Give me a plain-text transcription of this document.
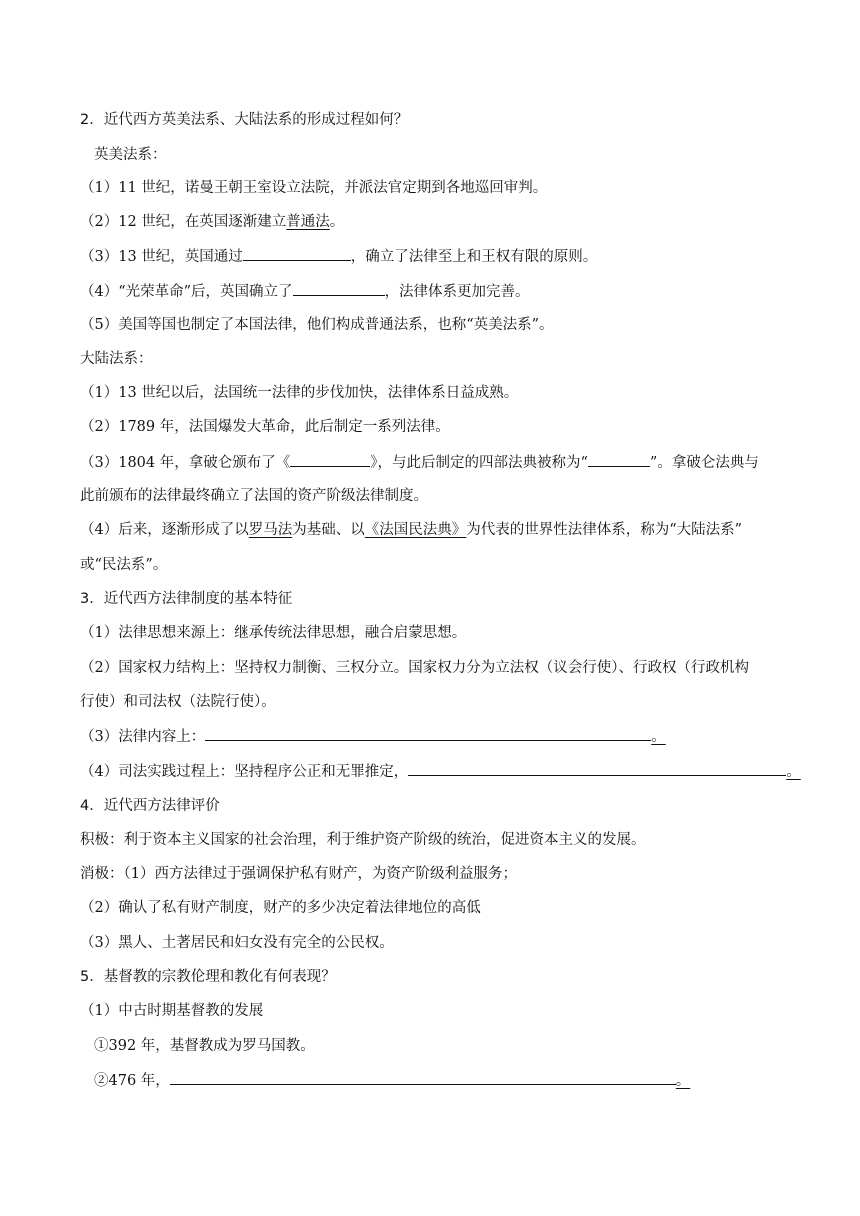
2．近代西方英美法系、大陆法系的形成过程如何？
英美法系：
（1）11 世纪，诺曼王朝王室设立法院，并派法官定期到各地巡回审判。
（2）12 世纪，在英国逐渐建立普通法。
（3）13 世纪，英国通过	，确立了法律至上和王权有限的原则。
（4）“光荣革命”后，英国确立了	，法律体系更加完善。
（5）美国等国也制定了本国法律，他们构成普通法系，也称“英美法系”。
大陆法系：
（1）13 世纪以后，法国统一法律的步伐加快，法律体系日益成熟。
（2）1789 年，法国爆发大革命，此后制定一系列法律。
（3）1804 年，拿破仑颁布了《	》，与此后制定的四部法典被称为“	”。拿破仑法典与
此前颁布的法律最终确立了法国的资产阶级法律制度。
（4）后来，逐渐形成了以罗马法为基础、以《法国民法典》为代表的世界性法律体系，称为“大陆法系”
或“民法系”。
3．近代西方法律制度的基本特征
（1）法律思想来源上：继承传统法律思想，融合启蒙思想。
（2）国家权力结构上：坚持权力制衡、三权分立。国家权力分为立法权（议会行使）、行政权（行政机构
行使）和司法权（法院行使）。
（3）法律内容上：	。
（4）司法实践过程上：坚持程序公正和无罪推定，	。
4．近代西方法律评价
积极：利于资本主义国家的社会治理，利于维护资产阶级的统治，促进资本主义的发展。
消极：（1）西方法律过于强调保护私有财产，为资产阶级利益服务；
（2）确认了私有财产制度，财产的多少决定着法律地位的高低
（3）黑人、土著居民和妇女没有完全的公民权。
5．基督教的宗教伦理和教化有何表现？
（1）中古时期基督教的发展
①392 年，基督教成为罗马国教。
②476 年，	。
